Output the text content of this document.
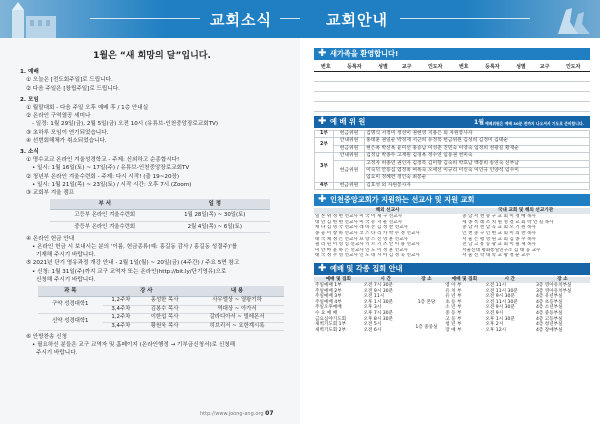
교회소식
1월은 “새 희망의 달”입니다.
1. 예배
① 오늘은 [전도회주일]로 드립니다.
② 다음 주일은 [창립주일]로 드립니다.
2. 모임
① 월말대회 - 다음 주일 오후 예배 후 / 1층 안내실
② 온라인 구역열공 세미나
- 일정: 1월 29일(금), 2월 5일(금) 오전 10시 (유튜브-인천중앙장로교회TV)
③ 초하루 모임이 연기되었습니다.
④ 선번회해체가 취소되었습니다.
3. 소식
① 명수교교 온라인 겨울성경학교 - 주제: 신외하고 순종합시다!
• 일시: 1월 16일(토) ~ 17일(주) / 유튜브-인천중앙장로교회TV
② 청년부 온라인 겨울수련회 - 주제: 다시 시작! (출 19~20장)
• 일시: 1월 21일(목) ~ 23일(토) / 시작 시간: 오후 7시 (Zoom)
③ 교회부 겨울 캠프
부 서	일 정
고등부 온라인 겨울수련회	1월 28일(목) ~ 30일(토)
중등부 온라인 겨울수련회	2월 4일(목) ~ 6일(토)
④ 온라인 헌금 안내
• 온라인 헌금 시 보내시는 분의 '이름, 헌금종류(예: 홍길동 감사 / 홍길동 성결주)'를
기재해 주시기 바랍니다.
⑤ 2021년 단기 영유과정 개강 안내 - 2월 1일(월) ~ 20일(금) (4주간) / 주요 5면 참고
• 신청: 1월 31일(주)까지 교구 교역자 또는 온라인(http://bit.ly/단기영유)으로
신청해 주시기 바랍니다.
과 목	강 사		내 용
구약 성경대학1	1,2주차	홍성한 목사	사무엘상 ~ 열왕기하
	3,4주차	김봉수 목사	역대상 ~ 아가서
신약 성경대학1	1,2주차	이한섭 목사	갈라디아서 ~ 빌레몬서
	3,4주차	황원욱 목사	히브리서 ~ 요한계시록
⑥ 안방찬송 신청
• 필요하신 분들은 교구 교역자 및 홈페이지 (온라인행정 → 기부금신청서)로 신청해
주시기 바랍니다.
http://www.joong-ang.org 07
교회안내
✚ 새가족을 환영합니다!
번호	등록자	성별	교구	인도자	번호	등록자	성별	교구	인도자

✚ 예 배 위 원	1월 예배위원은 예배 30분 전까지 나오셔서 기도로 준비합니다.
1부	헌금위원	김명식 서정미 정선미 권현영 지용은 외 자원봉사자
2부	안내위원	홍태훈 권일순 박경재 서근희 유정복 헌금위원 김성희 김정미 김태순
	헌금위원	현은옥 박선옥 윤미선 홍승남 이성춘 진민숙 이영숙 임정희 천광길 황재순
3부	안내위원	김정남 박종두 고재원 김경옥 정수연 임동권 천미숙
	헌금위원	고정자 허종연 권인자 김정복 김미향 김숙희 박호남 백봉희 송연숙 신부남
		이숙덕 안동심 염정옥 여옥숙 오세선 이규리 이신숙 이인규 인양석 임수미
		임요미 정혜련 정인숙 최봉순
4부	헌금위원	김호성 외 자원봉사자
✚ 인천중앙교회가 지원하는 선교사 및 지원 교회
해외 선교사	국내 교회 및 해외 선교기관
일 본 위 정 현 선교사 미 국 이 제 구 선교사	충 남 서 천 중 구 교 회 이 정 배 목사
대 만 김 한 현 선교사 미 국 유 지 운 선교사	세 종 특 례 조 치 원 성 결 교 회 박 인 길 목사
케 냐 김 명 국 선교사 레 바 논 김 정 찬 선교사	충 남 서 천 남 곡 교 회 오 기 원 목사
몽 골 이 창 하 선교사 코 스 타 리 카 박 수 정 선교사	인 천 중 구 인 현 교 회 이 의 찬 목사
태 국 채 정 은 선교사 프 랑 스 진 영 훈 선교사	서 울 은 평 영 원 교 회 김 종 수 목사
필 리 핀 이 영 심 선교사 키 르 기 즈 안 이 용 선교사	전 남 고 흥 동 광 교 회 이 필 제 목사
미 얀 마 윤 하 은 선교사 인 도 이 정 훈 선교사	서울신대 평화통일연구소 김 태 웅 교수
태 국 정 주 영 선교사 인 도 네 시 아 김 정 욱 선교사	서 울 신 학 대 학 교 황 정 순 교수
✚ 예배 및 각종 집회 안내
예배 및 집회	시 간	장 소	예배 및 집회	시 간	장 소
주일예배 1부	오전 7시 30분	1층 본당	영 아 부	오전 11시	3층 영아유치부실
주일예배 2부	오전 9시 30분		유 치 부	오전 11시 30분	3층 영아유치부실
주일예배 3부	오전 11시		유 년 부	오전 9시 30분	4층 유년부실
주일예배 4부	오후 1시 30분		초 등 부	오전 11시 30분	4층 초등부실
주일오후예배	오후 3시		소 년 부	오전 9시 30분	4층 소년부실
수 요 예 배	오후 7시 30분		중 등 부	오전 9시	4층 중등부실
금요심야기도회	오후 8시 30분		고 등 부	오후 1시 30분	4층 고등부실
새벽기도회 1부	오전 5시	1층 중중실	청 년 부	오후 2시	4층 청년부실
새벽기도회 2부	오전 6시		장 애 부	오후 12시	4층 장애부실
